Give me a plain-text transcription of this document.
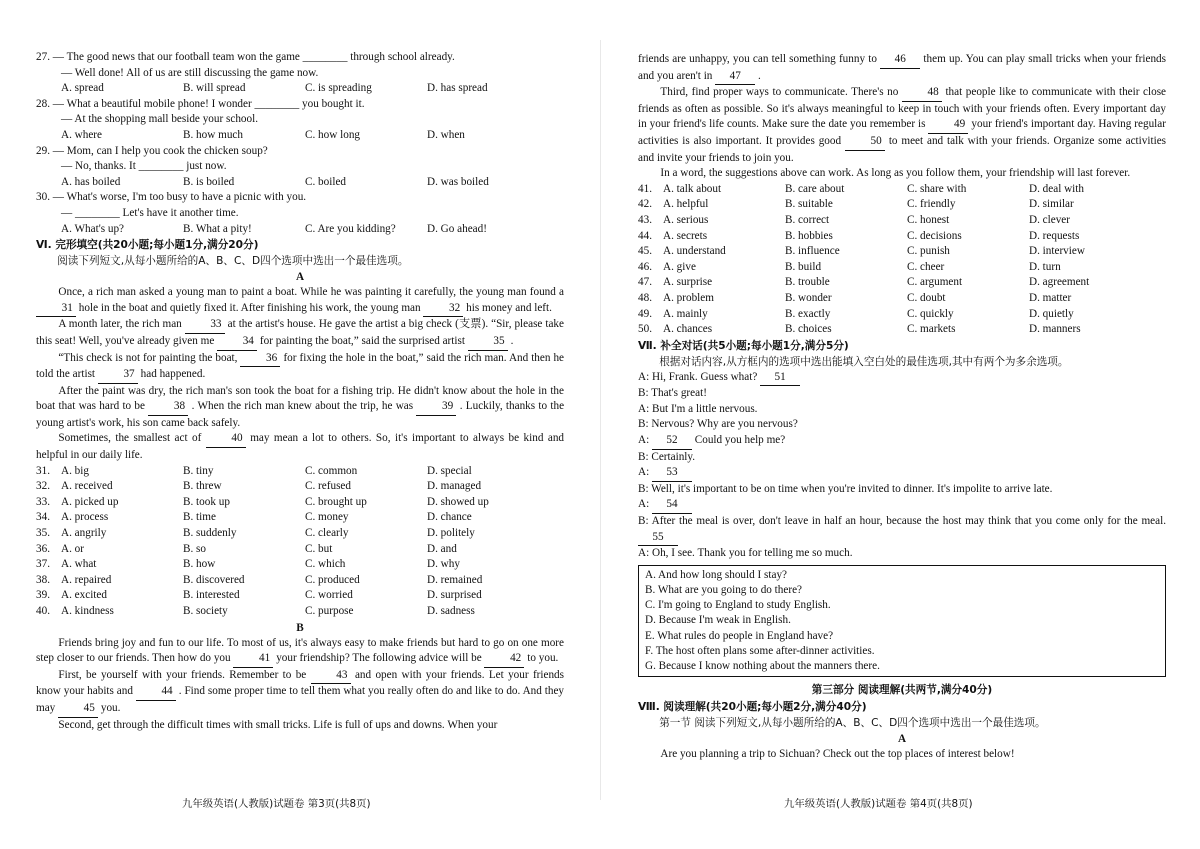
27. — The good news that our football team won the game ________ through school already.
— Well done! All of us are still discussing the game now.
A. spread	B. will spread	C. is spreading	D. has spread
28. — What a beautiful mobile phone! I wonder ________ you bought it.
— At the shopping mall beside your school.
A. where	B. how much	C. how long	D. when
29. — Mom, can I help you cook the chicken soup?
— No, thanks. It ________ just now.
A. has boiled	B. is boiled	C. boiled	D. was boiled
30. — What's worse, I'm too busy to have a picnic with you.
— ________ Let's have it another time.
A. What's up?	B. What a pity!	C. Are you kidding?	D. Go ahead!
Ⅵ. 完形填空(共20小题;每小题1分,满分20分)
阅读下列短文,从每小题所给的A、B、C、D四个选项中选出一个最佳选项。
A
Once, a rich man asked a young man to paint a boat. While he was painting it carefully, the young man found a 31 hole in the boat and quietly fixed it. After finishing his work, the young man	32 his money and left.
A month later, the rich man	33 at the artist's house. He gave the artist a big check (支票). “Sir, please take this seat! Well, you've already given me	34 for painting the boat,” said the surprised artist	35 .
“This check is not for painting the boat,	36 for fixing the hole in the boat,” said the rich man. And then he told the artist	37 had happened.
After the paint was dry, the rich man's son took the boat for a fishing trip. He didn't know about the hole in the boat that was hard to be	38 . When the rich man knew about the trip, he was	39 . Luckily, thanks to the young artist's work, his son came back safely.
Sometimes, the smallest act of	40 may mean a lot to others. So, it's important to always be kind and helpful in our daily life.
31. A. big	B. tiny	C. common	D. special
32. A. received	B. threw	C. refused	D. managed
33. A. picked up	B. took up	C. brought up	D. showed up
34. A. process	B. time	C. money	D. chance
35. A. angrily	B. suddenly	C. clearly	D. politely
36. A. or	B. so	C. but	D. and
37. A. what	B. how	C. which	D. why
38. A. repaired	B. discovered	C. produced	D. remained
39. A. excited	B. interested	C. worried	D. surprised
40. A. kindness	B. society	C. purpose	D. sadness
B
Friends bring joy and fun to our life. To most of us, it's always easy to make friends but hard to go on one more step closer to our friends. Then how do you	41 your friendship? The following advice will be	42 to you.
First, be yourself with your friends. Remember to be	43 and open with your friends. Let your friends know your habits and	44 . Find some proper time to tell them what you really often do and like to do. And they may	45 you.
Second, get through the difficult times with small tricks. Life is full of ups and downs. When your
friends are unhappy, you can tell something funny to 46 them up. You can play small tricks when your friends and you aren't in 47 .
Third, find proper ways to communicate. There's no	48 that people like to communicate with their close friends as often as possible. So it's always meaningful to keep in touch with your friends often. Every important day in your friend's life counts. Make sure the date you remember is	49 your friend's important day. Having regular activities is also important. It provides good	50 to meet and talk with your friends. Organize some activities and invite your friends to join you.
In a word, the suggestions above can work. As long as you follow them, your friendship will last forever.
41. A. talk about	B. care about	C. share with	D. deal with
42. A. helpful	B. suitable	C. friendly	D. similar
43. A. serious	B. correct	C. honest	D. clever
44. A. secrets	B. hobbies	C. decisions	D. requests
45. A. understand	B. influence	C. punish	D. interview
46. A. give	B. build	C. cheer	D. turn
47. A. surprise	B. trouble	C. argument	D. agreement
48. A. problem	B. wonder	C. doubt	D. matter
49. A. mainly	B. exactly	C. quickly	D. quietly
50. A. chances	B. choices	C. markets	D. manners
Ⅶ. 补全对话(共5小题;每小题1分,满分5分)
根据对话内容,从方框内的选项中选出能填入空白处的最佳选项,其中有两个为多余选项。
A: Hi, Frank. Guess what? 51
B: That's great!
A: But I'm a little nervous.
B: Nervous? Why are you nervous?
A: 52 Could you help me?
B: Certainly.
A: 53
B: Well, it's important to be on time when you're invited to dinner. It's impolite to arrive late.
A: 54
B: After the meal is over, don't leave in half an hour, because the host may think that you come only for the meal. 55
A: Oh, I see. Thank you for telling me so much.
A. And how long should I stay?
B. What are you going to do there?
C. I'm going to England to study English.
D. Because I'm weak in English.
E. What rules do people in England have?
F. The host often plans some after-dinner activities.
G. Because I know nothing about the manners there.
第三部分 阅读理解(共两节,满分40分)
Ⅷ. 阅读理解(共20小题;每小题2分,满分40分)
第一节 阅读下列短文,从每小题所给的A、B、C、D四个选项中选出一个最佳选项。
A
Are you planning a trip to Sichuan? Check out the top places of interest below!
九年级英语(人教版)试题卷 第3页(共8页)	九年级英语(人教版)试题卷 第4页(共8页)
